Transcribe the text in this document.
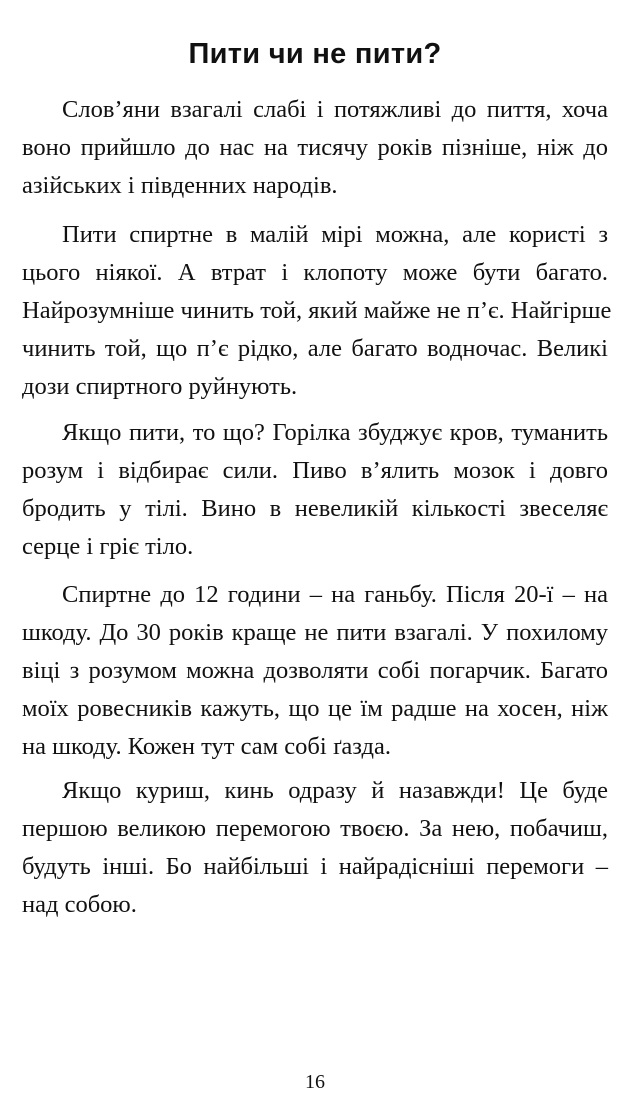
Пити чи не пити?

Слов’яни взагалі слабі і потяжливі до пиття, хоча
воно прийшло до нас на тисячу років пізніше, ніж до
азійських і південних народів.

Пити спиртне в малій мірі можна, але користі з
цього ніякої. А втрат і клопоту може бути багато.
Найрозумніше чинить той, який майже не п’є. Найгірше
чинить той, що п’є рідко, але багато водночас. Великі
дози спиртного руйнують.

Якщо пити, то що? Горілка збуджує кров, туманить
розум і відбирає сили. Пиво в’ялить мозок і довго
бродить у тілі. Вино в невеликій кількості звеселяє
серце і гріє тіло.

Спиртне до 12 години – на ганьбу. Після 20-ї – на
шкоду. До 30 років краще не пити взагалі. У похилому
віці з розумом можна дозволяти собі погарчик. Багато
моїх ровесників кажуть, що це їм радше на хосен, ніж
на шкоду. Кожен тут сам собі ґазда.

Якщо куриш, кинь одразу й назавжди! Це буде
першою великою перемогою твоєю. За нею, побачиш,
будуть інші. Бо найбільші і найрадісніші перемоги –
над собою.

16
